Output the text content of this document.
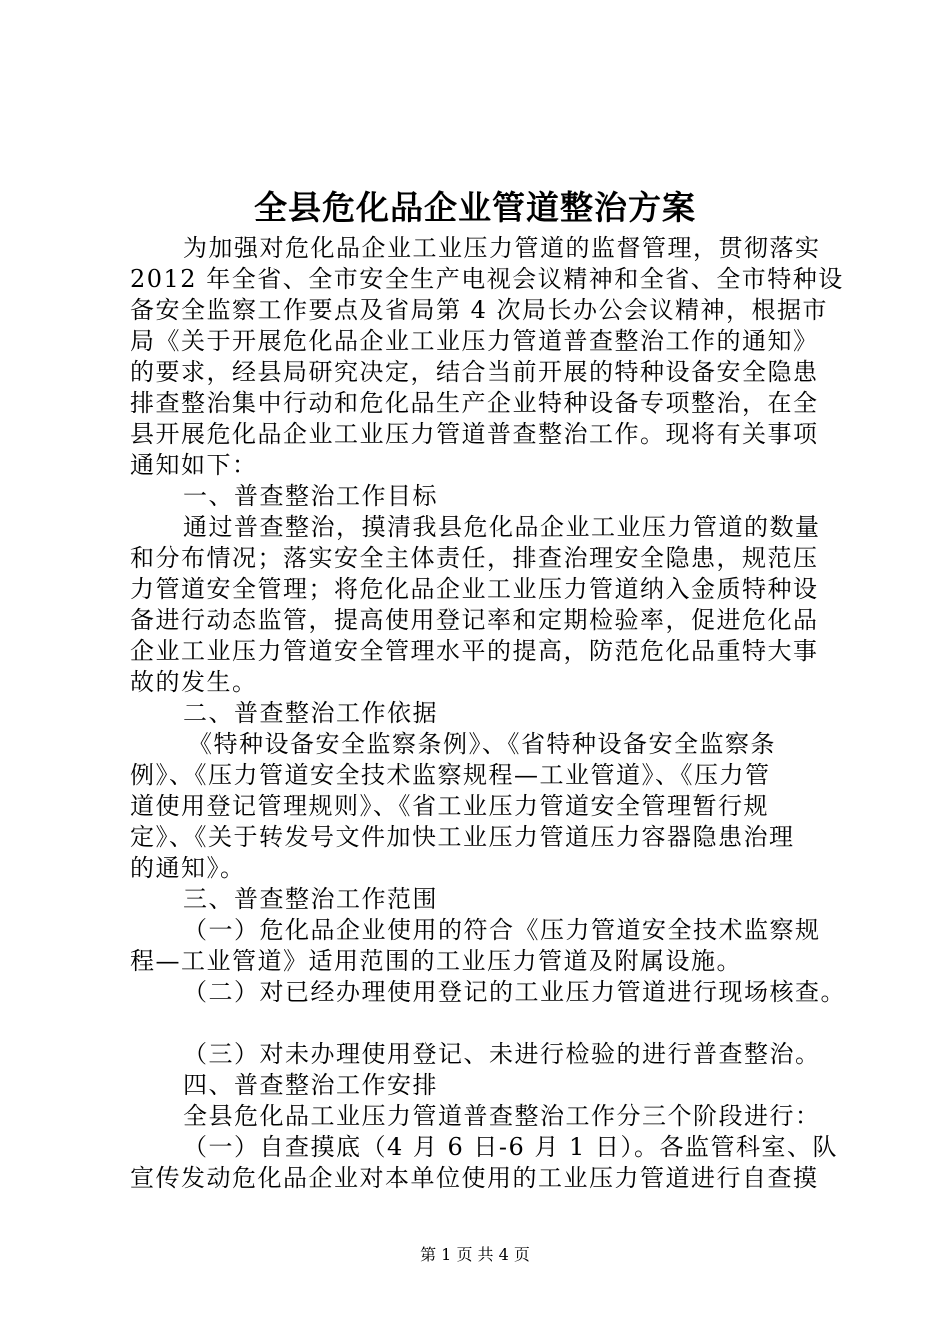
全县危化品企业管道整治方案
为加强对危化品企业工业压力管道的监督管理，贯彻落实
2012 年全省、全市安全生产电视会议精神和全省、全市特种设
备安全监察工作要点及省局第 4 次局长办公会议精神，根据市
局《关于开展危化品企业工业压力管道普查整治工作的通知》
的要求，经县局研究决定，结合当前开展的特种设备安全隐患
排查整治集中行动和危化品生产企业特种设备专项整治，在全
县开展危化品企业工业压力管道普查整治工作。现将有关事项
通知如下：
一、普查整治工作目标
通过普查整治，摸清我县危化品企业工业压力管道的数量
和分布情况；落实安全主体责任，排查治理安全隐患，规范压
力管道安全管理；将危化品企业工业压力管道纳入金质特种设
备进行动态监管，提高使用登记率和定期检验率，促进危化品
企业工业压力管道安全管理水平的提高，防范危化品重特大事
故的发生。
二、普查整治工作依据
《特种设备安全监察条例》、《省特种设备安全监察条
例》、《压力管道安全技术监察规程—工业管道》、《压力管
道使用登记管理规则》、《省工业压力管道安全管理暂行规
定》、《关于转发号文件加快工业压力管道压力容器隐患治理
的通知》。
三、普查整治工作范围
（一）危化品企业使用的符合《压力管道安全技术监察规
程—工业管道》适用范围的工业压力管道及附属设施。
（二）对已经办理使用登记的工业压力管道进行现场核查。
（三）对未办理使用登记、未进行检验的进行普查整治。
四、普查整治工作安排
全县危化品工业压力管道普查整治工作分三个阶段进行：
（一）自查摸底（4 月 6 日-6 月 1 日）。各监管科室、队
宣传发动危化品企业对本单位使用的工业压力管道进行自查摸
第 1 页 共 4 页
